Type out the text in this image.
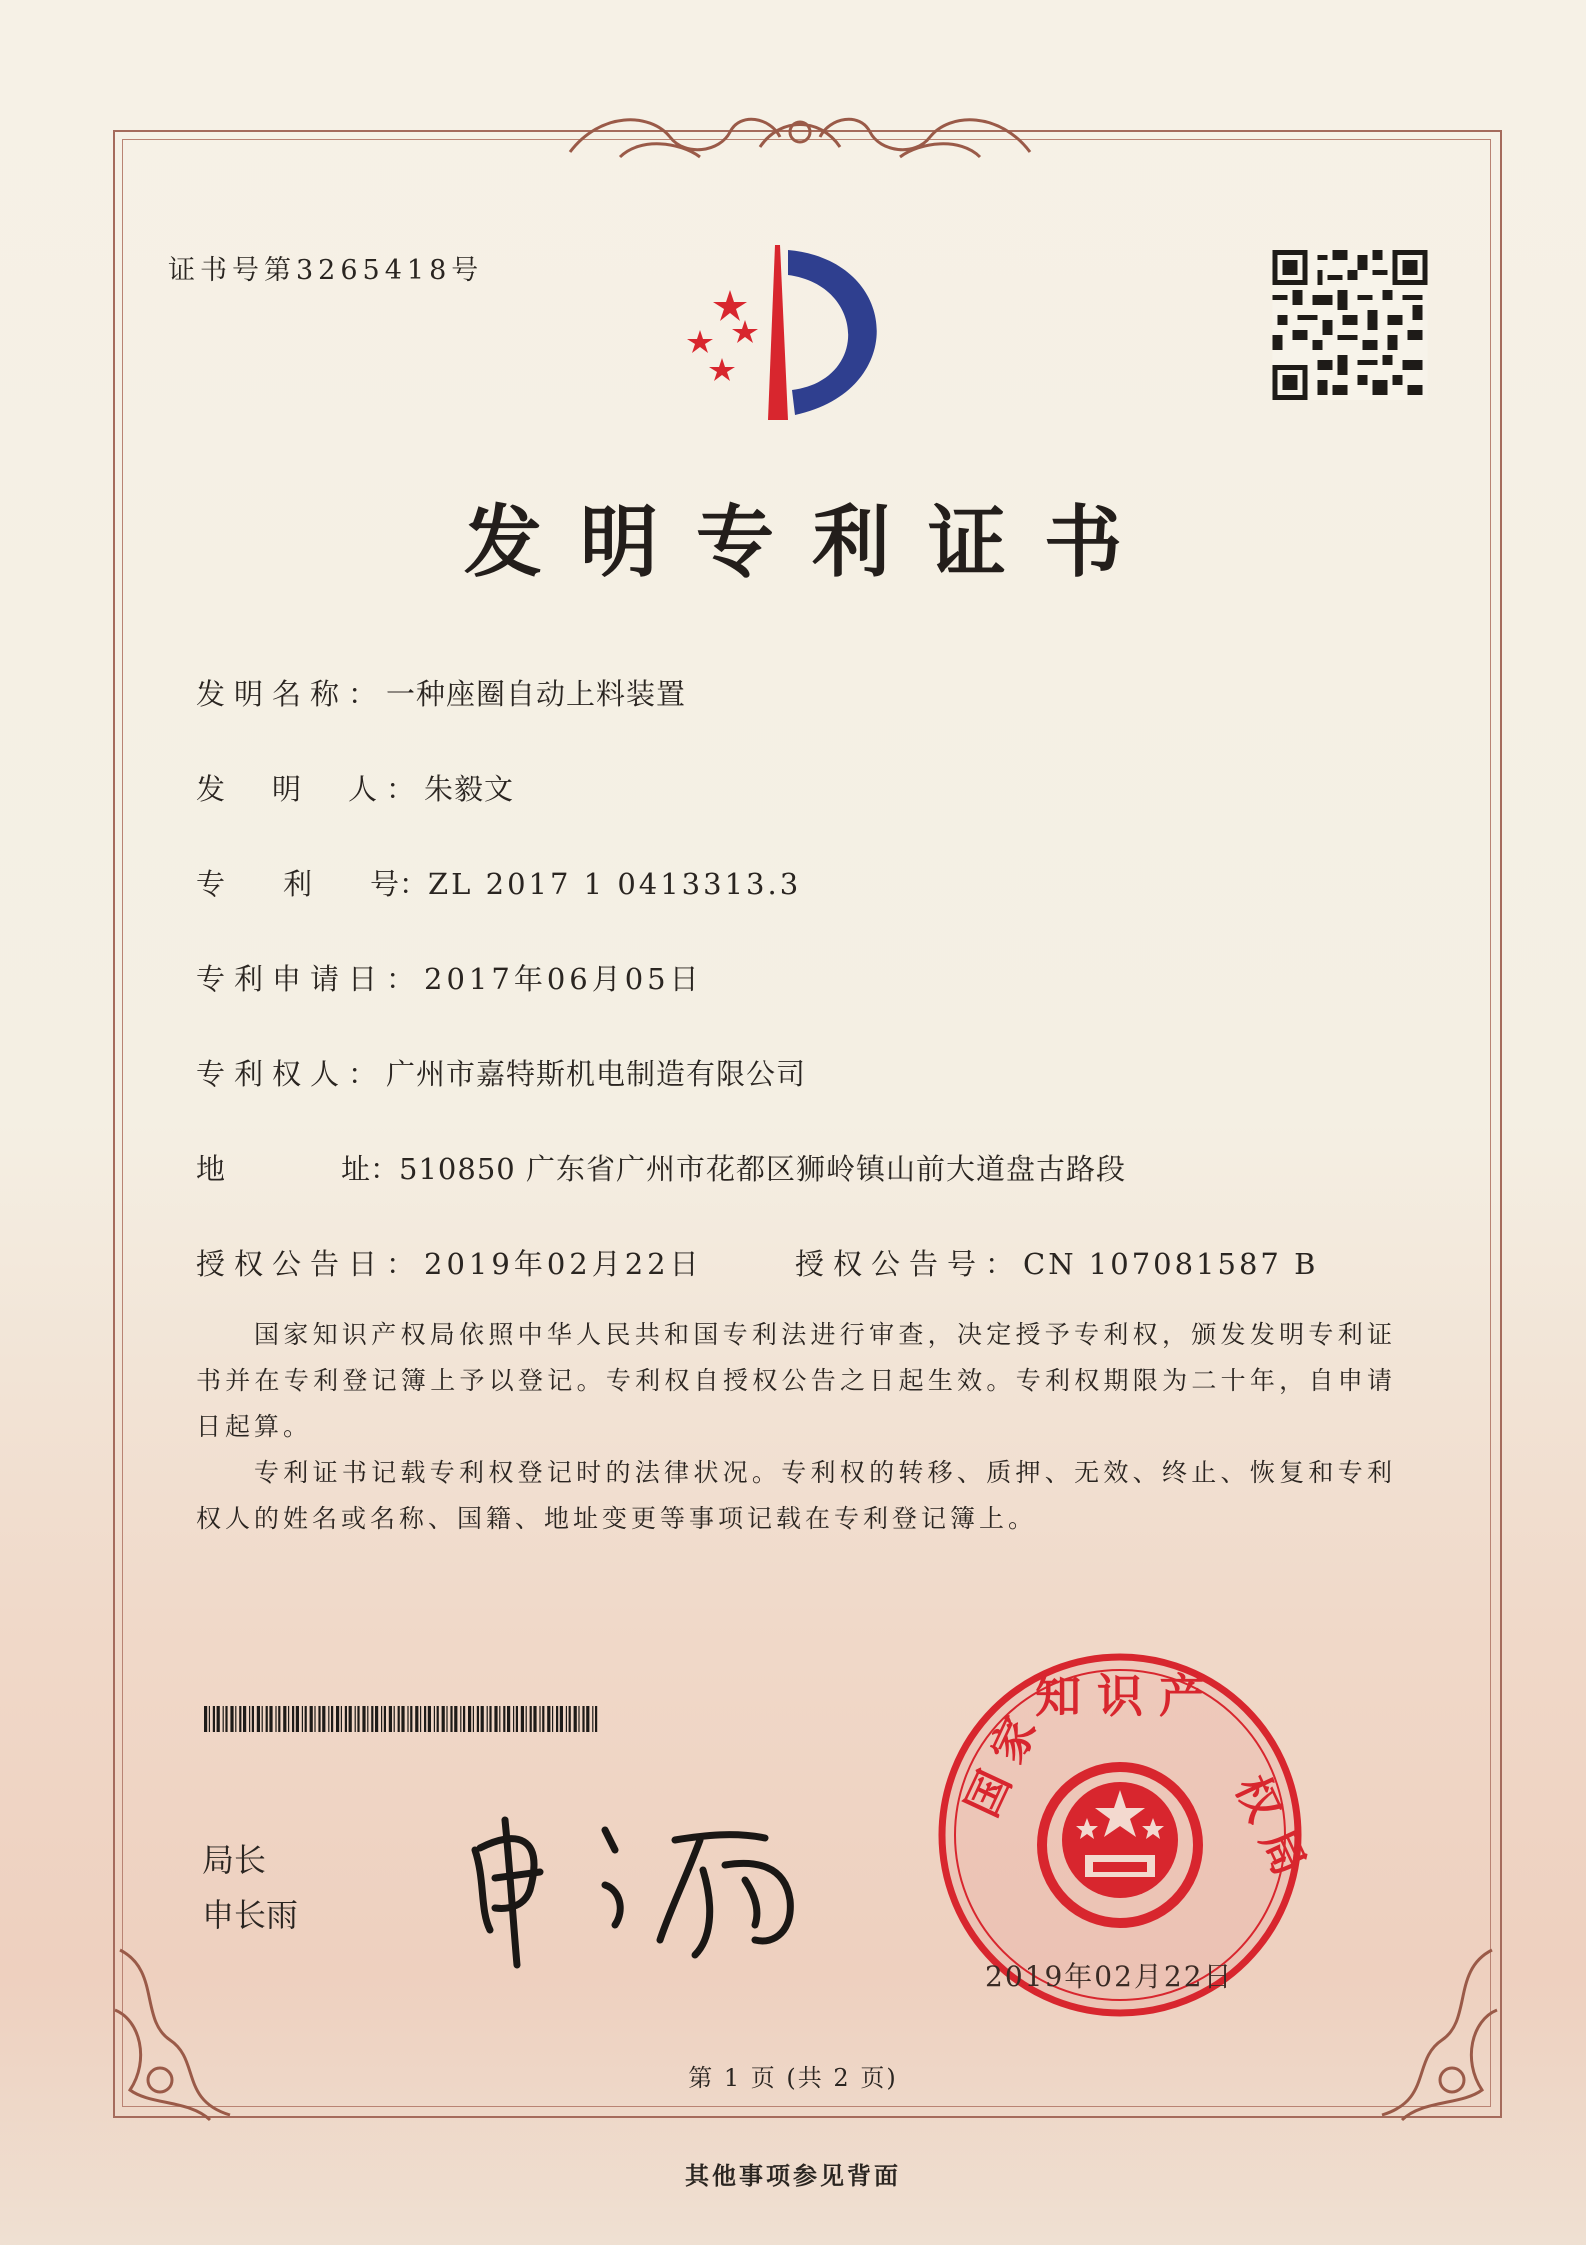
证书号第3265418号
发明专利证书
发明名称：一种座圈自动上料装置
发　明　人：朱毅文
专　　利　　号：ZL 2017 1 0413313.3
专利申请日：2017年06月05日
专利权人：广州市嘉特斯机电制造有限公司
地　　　　址：510850 广东省广州市花都区狮岭镇山前大道盘古路段
授权公告日：2019年02月22日	授权公告号：CN 107081587 B
国家知识产权局依照中华人民共和国专利法进行审查，决定授予专利权，颁发发明专利证书并在专利登记簿上予以登记。专利权自授权公告之日起生效。专利权期限为二十年，自申请日起算。
专利证书记载专利权登记时的法律状况。专利权的转移、质押、无效、终止、恢复和专利权人的姓名或名称、国籍、地址变更等事项记载在专利登记簿上。
局长
申长雨
知 识 产
国 家
权 局
2019年02月22日
第 1 页 (共 2 页)
其他事项参见背面
